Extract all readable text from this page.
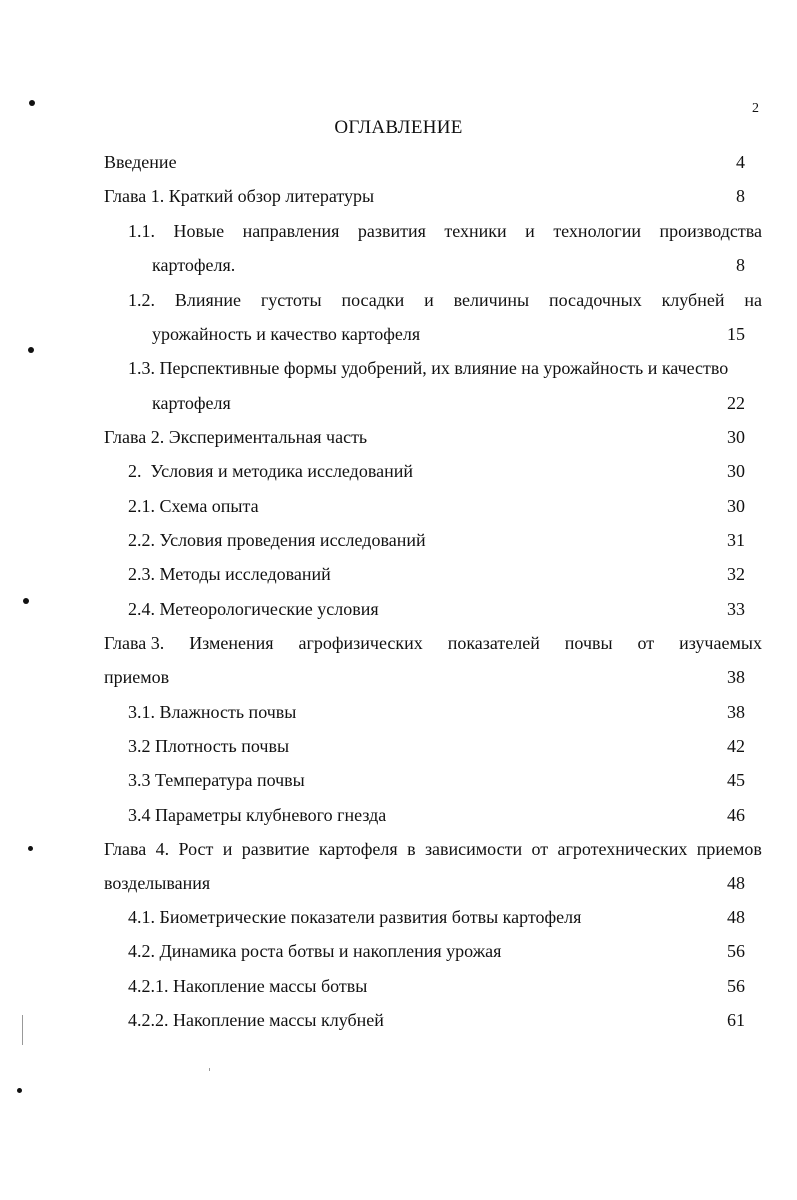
2
ОГЛАВЛЕНИЕ
Введение	4
Глава 1. Краткий обзор литературы	8
1.1. Новые направления развития техники и технологии производства
картофеля.	8
1.2. Влияние густоты посадки и величины посадочных клубней на
урожайность и качество картофеля	15
1.3. Перспективные формы удобрений, их влияние на урожайность и качество
картофеля	22
Глава 2. Экспериментальная часть	30
2.  Условия и методика исследований	30
2.1. Схема опыта	30
2.2. Условия проведения исследований	31
2.3. Методы исследований	32
2.4. Метеорологические условия	33
Глава 3. Изменения агрофизических показателей почвы от изучаемых
приемов	38
3.1. Влажность почвы	38
3.2 Плотность почвы	42
3.3 Температура почвы	45
3.4 Параметры клубневого гнезда	46
Глава 4. Рост и развитие картофеля в зависимости от агротехнических приемов
возделывания	48
4.1. Биометрические показатели развития ботвы картофеля	48
4.2. Динамика роста ботвы и накопления урожая	56
4.2.1. Накопление массы ботвы	56
4.2.2. Накопление массы клубней	61
